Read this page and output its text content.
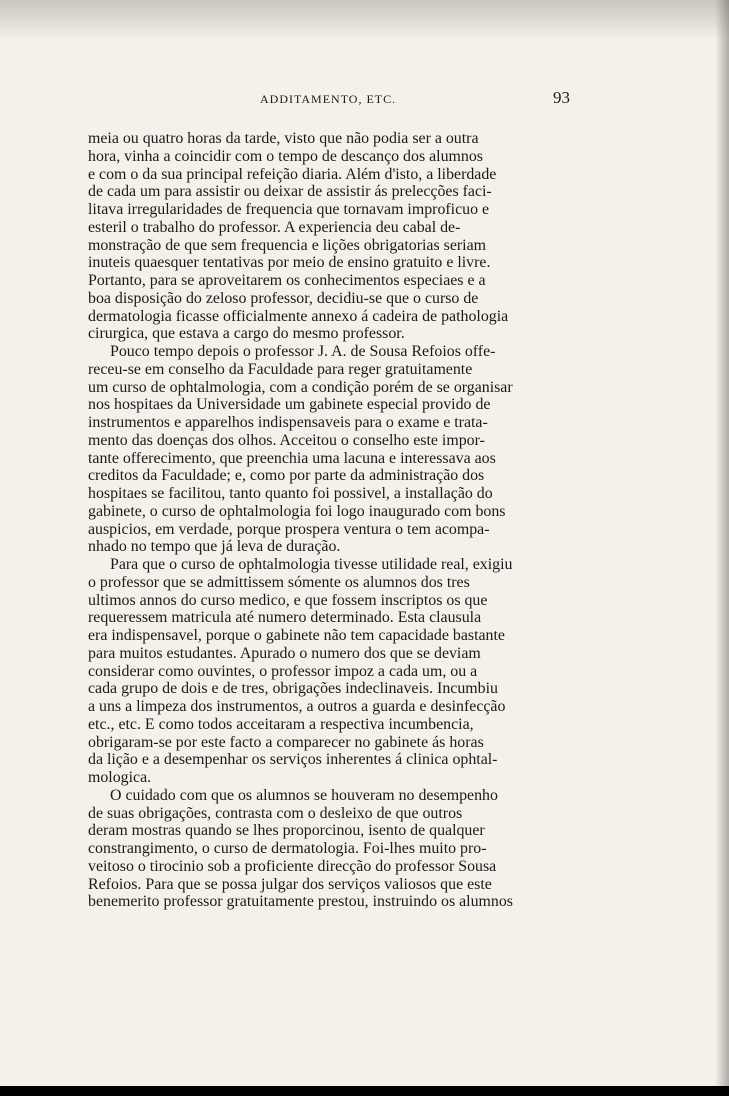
ADDITAMENTO, ETC.	93
meia ou quatro horas da tarde, visto que não podia ser a outra
hora, vinha a coincidir com o tempo de descanço dos alumnos
e com o da sua principal refeição diaria. Além d'isto, a liberdade
de cada um para assistir ou deixar de assistir ás prelecções faci-
litava irregularidades de frequencia que tornavam improficuo e
esteril o trabalho do professor. A experiencia deu cabal de-
monstração de que sem frequencia e lições obrigatorias seriam
inuteis quaesquer tentativas por meio de ensino gratuito e livre.
Portanto, para se aproveitarem os conhecimentos especiaes e a
boa disposição do zeloso professor, decidiu-se que o curso de
dermatologia ficasse officialmente annexo á cadeira de pathologia
cirurgica, que estava a cargo do mesmo professor.
Pouco tempo depois o professor J. A. de Sousa Refoios offe-
receu-se em conselho da Faculdade para reger gratuitamente
um curso de ophtalmologia, com a condição porém de se organisar
nos hospitaes da Universidade um gabinete especial provido de
instrumentos e apparelhos indispensaveis para o exame e trata-
mento das doenças dos olhos. Acceitou o conselho este impor-
tante offerecimento, que preenchia uma lacuna e interessava aos
creditos da Faculdade; e, como por parte da administração dos
hospitaes se facilitou, tanto quanto foi possivel, a installação do
gabinete, o curso de ophtalmologia foi logo inaugurado com bons
auspicios, em verdade, porque prospera ventura o tem acompa-
nhado no tempo que já leva de duração.
Para que o curso de ophtalmologia tivesse utilidade real, exigiu
o professor que se admittissem sómente os alumnos dos tres
ultimos annos do curso medico, e que fossem inscriptos os que
requeressem matricula até numero determinado. Esta clausula
era indispensavel, porque o gabinete não tem capacidade bastante
para muitos estudantes. Apurado o numero dos que se deviam
considerar como ouvintes, o professor impoz a cada um, ou a
cada grupo de dois e de tres, obrigações indeclinaveis. Incumbiu
a uns a limpeza dos instrumentos, a outros a guarda e desinfecção
etc., etc. E como todos acceitaram a respectiva incumbencia,
obrigaram-se por este facto a comparecer no gabinete ás horas
da lição e a desempenhar os serviços inherentes á clinica ophtal-
mologica.
O cuidado com que os alumnos se houveram no desempenho
de suas obrigações, contrasta com o desleixo de que outros
deram mostras quando se lhes proporcinou, isento de qualquer
constrangimento, o curso de dermatologia. Foi-lhes muito pro-
veitoso o tirocinio sob a proficiente direcção do professor Sousa
Refoios. Para que se possa julgar dos serviços valiosos que este
benemerito professor gratuitamente prestou, instruindo os alumnos
